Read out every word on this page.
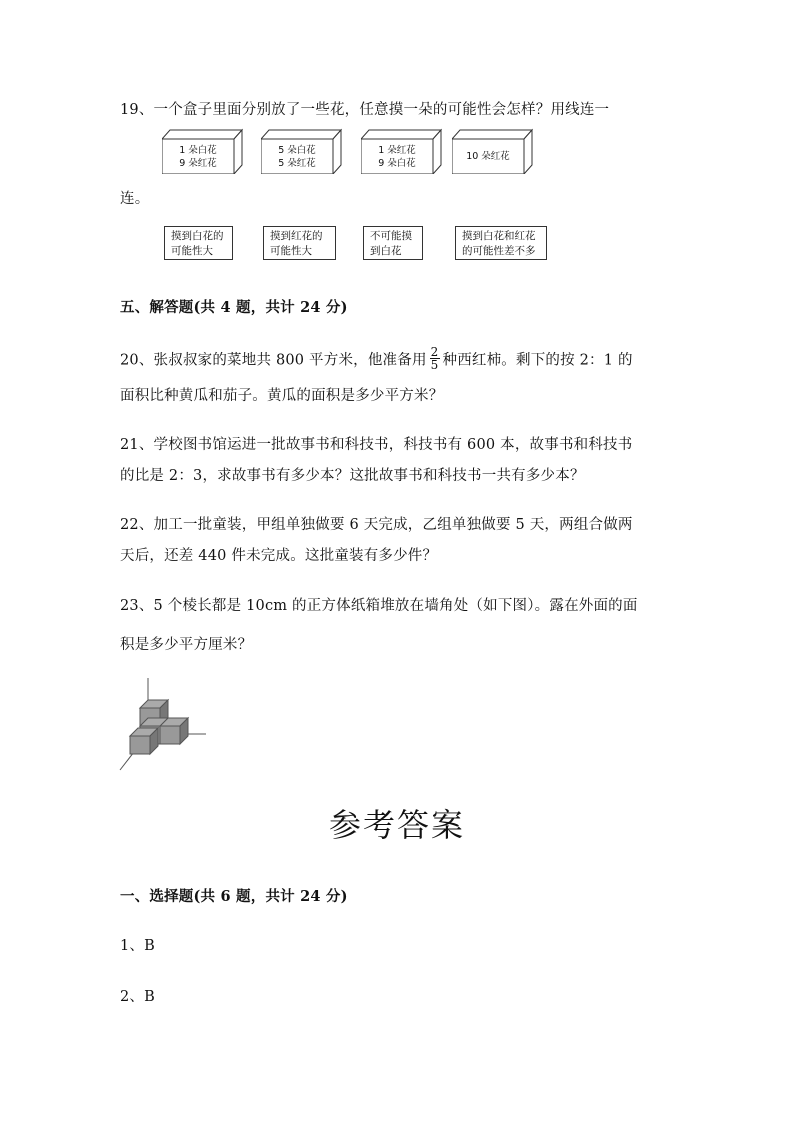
19、一个盒子里面分别放了一些花，任意摸一朵的可能性会怎样？用线连一
1 朵白花
9 朵红花
5 朵白花
5 朵红花
1 朵红花
9 朵白花
10 朵红花
连。
摸到白花的
可能性大
摸到红花的
可能性大
不可能摸
到白花
摸到白花和红花
的可能性差不多
五、解答题(共 4 题，共计 24 分)
20、张叔叔家的菜地共 800 平方米，他准备用 $\frac{2}{5}$ 种西红柿。剩下的按 2：1 的
面积比种黄瓜和茄子。黄瓜的面积是多少平方米？
21、学校图书馆运进一批故事书和科技书，科技书有 600 本，故事书和科技书
的比是 2：3，求故事书有多少本？这批故事书和科技书一共有多少本？
22、加工一批童装，甲组单独做要 6 天完成，乙组单独做要 5 天，两组合做两
天后，还差 440 件未完成。这批童装有多少件？
23、5 个棱长都是 10cm 的正方体纸箱堆放在墙角处（如下图）。露在外面的面
积是多少平方厘米？
参考答案
一、选择题(共 6 题，共计 24 分)
1、B
2、B
